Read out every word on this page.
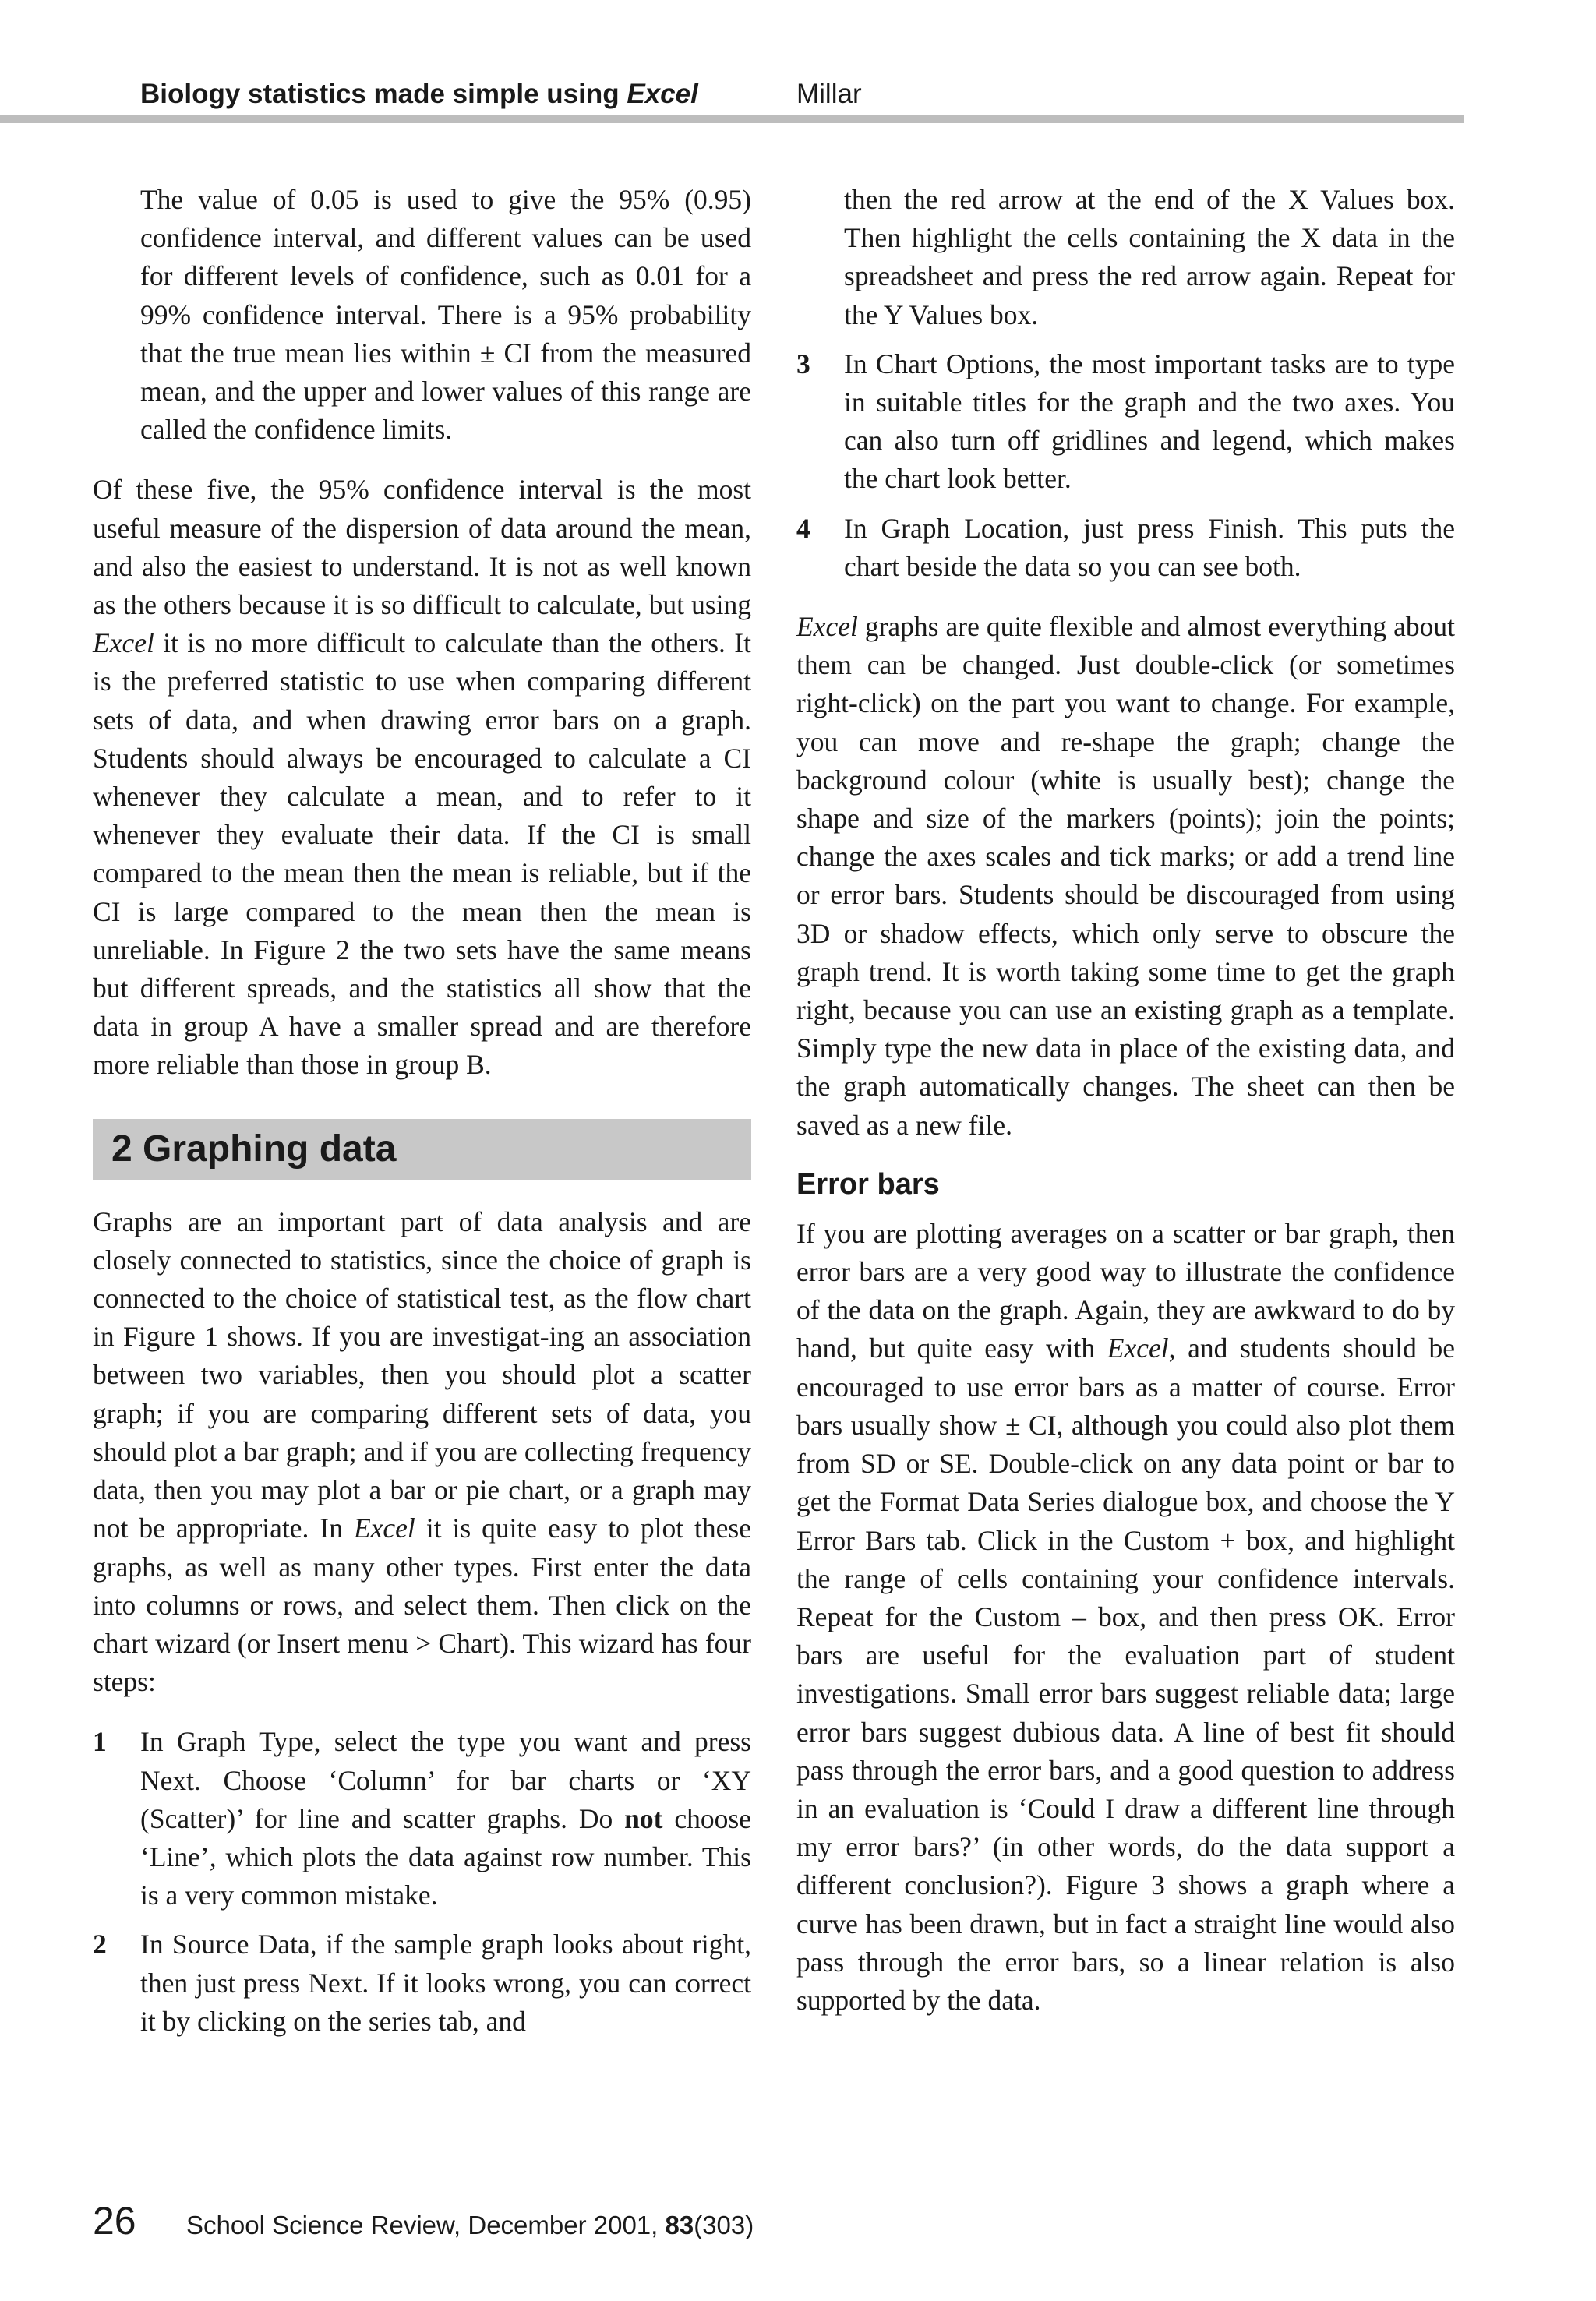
Biology statistics made simple using Excel	Millar

The value of 0.05 is used to give the 95% (0.95) confidence interval, and different values can be used for different levels of confidence, such as 0.01 for a 99% confidence interval. There is a 95% probability that the true mean lies within ± CI from the measured mean, and the upper and lower values of this range are called the confidence limits.

Of these five, the 95% confidence interval is the most useful measure of the dispersion of data around the mean, and also the easiest to understand. It is not as well known as the others because it is so difficult to calculate, but using Excel it is no more difficult to calculate than the others. It is the preferred statistic to use when comparing different sets of data, and when drawing error bars on a graph. Students should always be encouraged to calculate a CI whenever they calculate a mean, and to refer to it whenever they evaluate their data. If the CI is small compared to the mean then the mean is reliable, but if the CI is large compared to the mean then the mean is unreliable. In Figure 2 the two sets have the same means but different spreads, and the statistics all show that the data in group A have a smaller spread and are therefore more reliable than those in group B.

2 Graphing data

Graphs are an important part of data analysis and are closely connected to statistics, since the choice of graph is connected to the choice of statistical test, as the flow chart in Figure 1 shows. If you are investigat-ing an association between two variables, then you should plot a scatter graph; if you are comparing different sets of data, you should plot a bar graph; and if you are collecting frequency data, then you may plot a bar or pie chart, or a graph may not be appropriate. In Excel it is quite easy to plot these graphs, as well as many other types. First enter the data into columns or rows, and select them. Then click on the chart wizard (or Insert menu > Chart). This wizard has four steps:

1 In Graph Type, select the type you want and press Next. Choose ‘Column’ for bar charts or ‘XY (Scatter)’ for line and scatter graphs. Do not choose ‘Line’, which plots the data against row number. This is a very common mistake.

2 In Source Data, if the sample graph looks about right, then just press Next. If it looks wrong, you can correct it by clicking on the series tab, and

then the red arrow at the end of the X Values box. Then highlight the cells containing the X data in the spreadsheet and press the red arrow again. Repeat for the Y Values box.

3 In Chart Options, the most important tasks are to type in suitable titles for the graph and the two axes. You can also turn off gridlines and legend, which makes the chart look better.

4 In Graph Location, just press Finish. This puts the chart beside the data so you can see both.

Excel graphs are quite flexible and almost everything about them can be changed. Just double-click (or sometimes right-click) on the part you want to change. For example, you can move and re-shape the graph; change the background colour (white is usually best); change the shape and size of the markers (points); join the points; change the axes scales and tick marks; or add a trend line or error bars. Students should be discouraged from using 3D or shadow effects, which only serve to obscure the graph trend. It is worth taking some time to get the graph right, because you can use an existing graph as a template. Simply type the new data in place of the existing data, and the graph automatically changes. The sheet can then be saved as a new file.

Error bars

If you are plotting averages on a scatter or bar graph, then error bars are a very good way to illustrate the confidence of the data on the graph. Again, they are awkward to do by hand, but quite easy with Excel, and students should be encouraged to use error bars as a matter of course. Error bars usually show ± CI, although you could also plot them from SD or SE. Double-click on any data point or bar to get the Format Data Series dialogue box, and choose the Y Error Bars tab. Click in the Custom + box, and highlight the range of cells containing your confidence intervals. Repeat for the Custom – box, and then press OK. Error bars are useful for the evaluation part of student investigations. Small error bars suggest reliable data; large error bars suggest dubious data. A line of best fit should pass through the error bars, and a good question to address in an evaluation is ‘Could I draw a different line through my error bars?’ (in other words, do the data support a different conclusion?). Figure 3 shows a graph where a curve has been drawn, but in fact a straight line would also pass through the error bars, so a linear relation is also supported by the data.

26 School Science Review, December 2001, 83(303)
